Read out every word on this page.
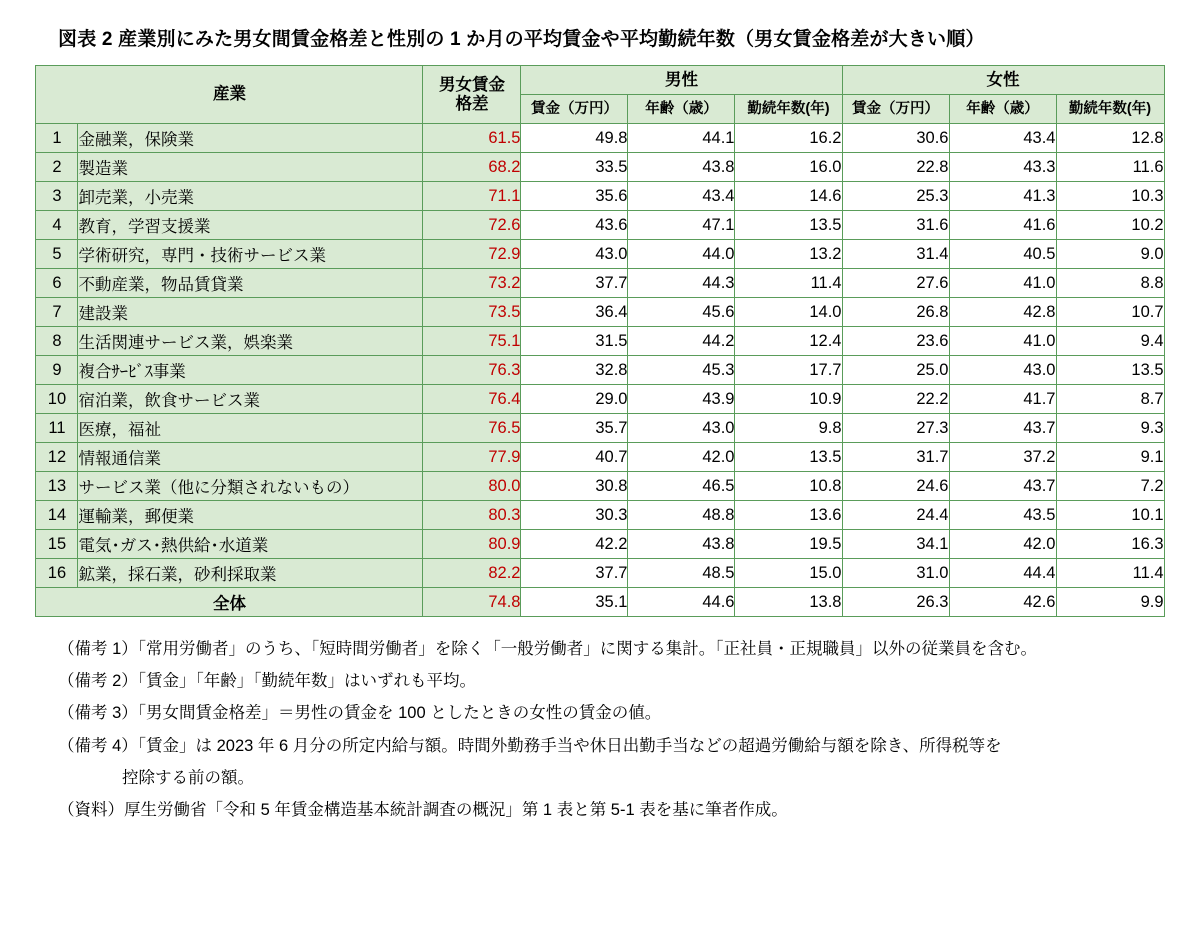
図表 2 産業別にみた男女間賃金格差と性別の 1 か月の平均賃金や平均勤続年数（男女賃金格差が大きい順）
産業		男女賃金
格差	男性			女性		
			賃金（万円）	年齢（歳）	勤続年数(年)	賃金（万円）	年齢（歳）	勤続年数(年)
1	金融業，保険業	61.5	49.8	44.1	16.2	30.6	43.4	12.8
2	製造業	68.2	33.5	43.8	16.0	22.8	43.3	11.6
3	卸売業，小売業	71.1	35.6	43.4	14.6	25.3	41.3	10.3
4	教育，学習支援業	72.6	43.6	47.1	13.5	31.6	41.6	10.2
5	学術研究，専門・技術サービス業	72.9	43.0	44.0	13.2	31.4	40.5	9.0
6	不動産業，物品賃貸業	73.2	37.7	44.3	11.4	27.6	41.0	8.8
7	建設業	73.5	36.4	45.6	14.0	26.8	42.8	10.7
8	生活関連サービス業，娯楽業	75.1	31.5	44.2	12.4	23.6	41.0	9.4
9	複合ｻｰﾋﾞｽ事業	76.3	32.8	45.3	17.7	25.0	43.0	13.5
10	宿泊業，飲食サービス業	76.4	29.0	43.9	10.9	22.2	41.7	8.7
11	医療，福祉	76.5	35.7	43.0	9.8	27.3	43.7	9.3
12	情報通信業	77.9	40.7	42.0	13.5	31.7	37.2	9.1
13	サービス業（他に分類されないもの）	80.0	30.8	46.5	10.8	24.6	43.7	7.2
14	運輸業，郵便業	80.3	30.3	48.8	13.6	24.4	43.5	10.1
15	電気･ガス･熱供給･水道業	80.9	42.2	43.8	19.5	34.1	42.0	16.3
16	鉱業，採石業，砂利採取業	82.2	37.7	48.5	15.0	31.0	44.4	11.4
全体		74.8	35.1	44.6	13.8	26.3	42.6	9.9
（備考 1）「常用労働者」のうち、「短時間労働者」を除く「一般労働者」に関する集計。「正社員・正規職員」以外の従業員を含む。
（備考 2）「賃金」「年齢」「勤続年数」はいずれも平均。
（備考 3）「男女間賃金格差」＝男性の賃金を 100 としたときの女性の賃金の値。
（備考 4）「賃金」は 2023 年 6 月分の所定内給与額。時間外勤務手当や休日出勤手当などの超過労働給与額を除き、所得税等を
控除する前の額。
（資料）厚生労働省「令和 5 年賃金構造基本統計調査の概況」第 1 表と第 5-1 表を基に筆者作成。
